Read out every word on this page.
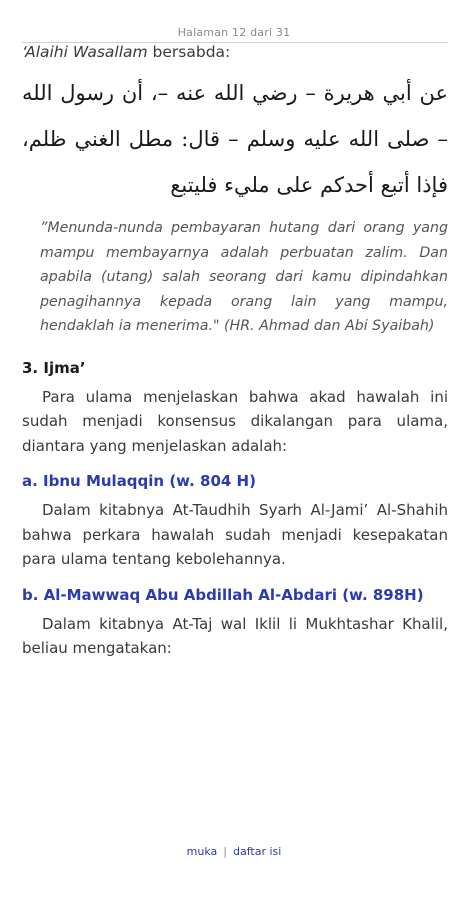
Halaman 12 dari 31

‘Alaihi Wasallam bersabda:

عن أبي هريرة – رضي الله عنه –، أن رسول الله – صلى الله عليه وسلم – قال: مطل الغني ظلم، فإذا أتبع أحدكم على مليء فليتبع

”Menunda-nunda pembayaran hutang dari orang yang mampu membayarnya adalah perbuatan zalim. Dan apabila (utang) salah seorang dari kamu dipindahkan penagihannya kepada orang lain yang mampu, hendaklah ia menerima." (HR. Ahmad dan Abi Syaibah)

3. Ijma’

Para ulama menjelaskan bahwa akad hawalah ini sudah menjadi konsensus dikalangan para ulama, diantara yang menjelaskan adalah:

a. Ibnu Mulaqqin (w. 804 H)

Dalam kitabnya At-Taudhih Syarh Al-Jami’ Al-Shahih bahwa perkara hawalah sudah menjadi kesepakatan para ulama tentang kebolehannya.

b. Al-Mawwaq Abu Abdillah Al-Abdari (w. 898H)

Dalam kitabnya At-Taj wal Iklil li Mukhtashar Khalil, beliau mengatakan:

muka | daftar isi
